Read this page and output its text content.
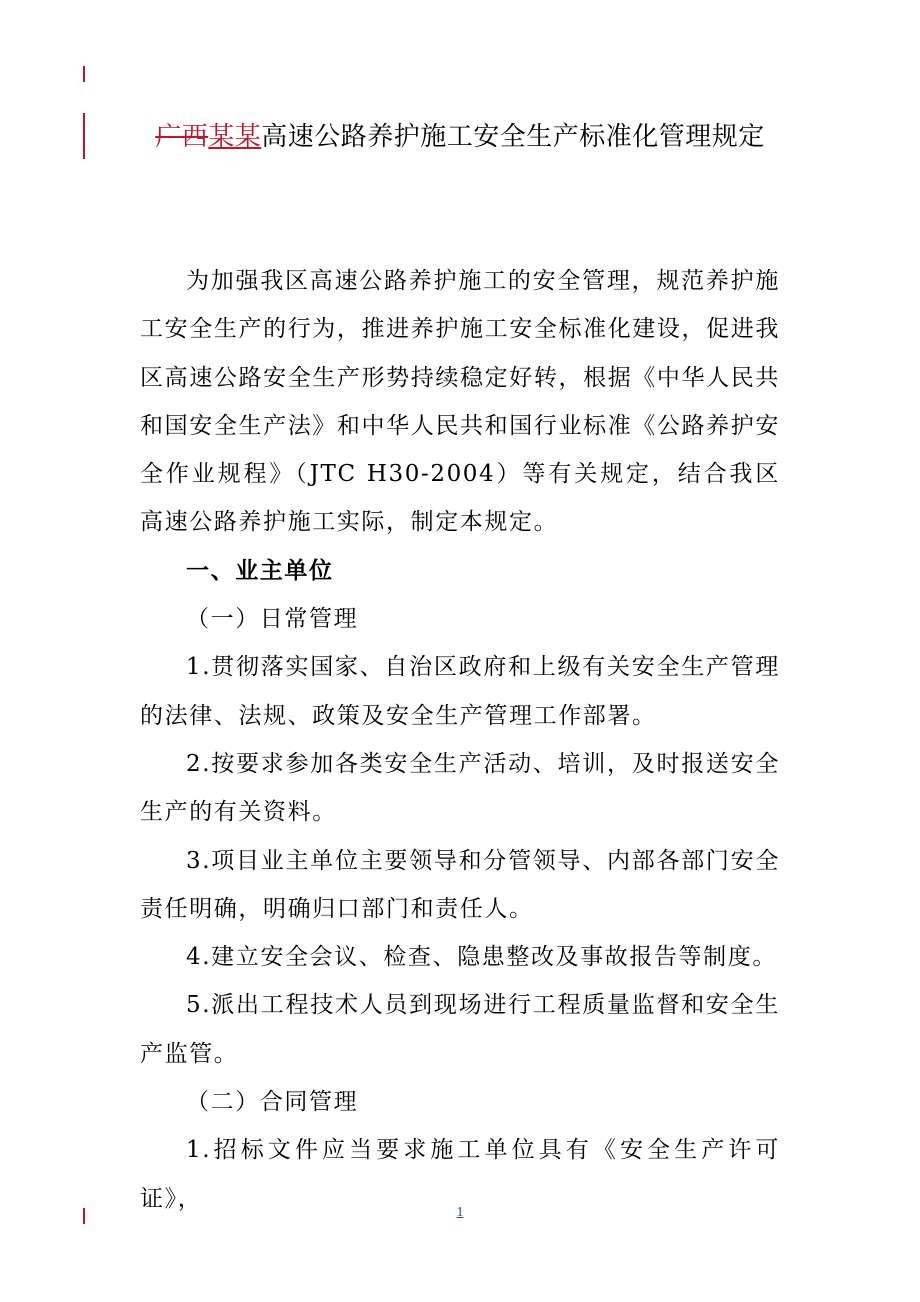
广西某某高速公路养护施工安全生产标准化管理规定

为加强我区高速公路养护施工的安全管理，规范养护施工安全生产的行为，推进养护施工安全标准化建设，促进我区高速公路安全生产形势持续稳定好转，根据《中华人民共和国安全生产法》和中华人民共和国行业标准《公路养护安全作业规程》（JTC H30-2004）等有关规定，结合我区高速公路养护施工实际，制定本规定。

一、业主单位

（一）日常管理

1.贯彻落实国家、自治区政府和上级有关安全生产管理的法律、法规、政策及安全生产管理工作部署。

2.按要求参加各类安全生产活动、培训，及时报送安全生产的有关资料。

3.项目业主单位主要领导和分管领导、内部各部门安全责任明确，明确归口部门和责任人。

4.建立安全会议、检查、隐患整改及事故报告等制度。

5.派出工程技术人员到现场进行工程质量监督和安全生产监管。

（二）合同管理

1.招标文件应当要求施工单位具有《安全生产许可证》，

1
